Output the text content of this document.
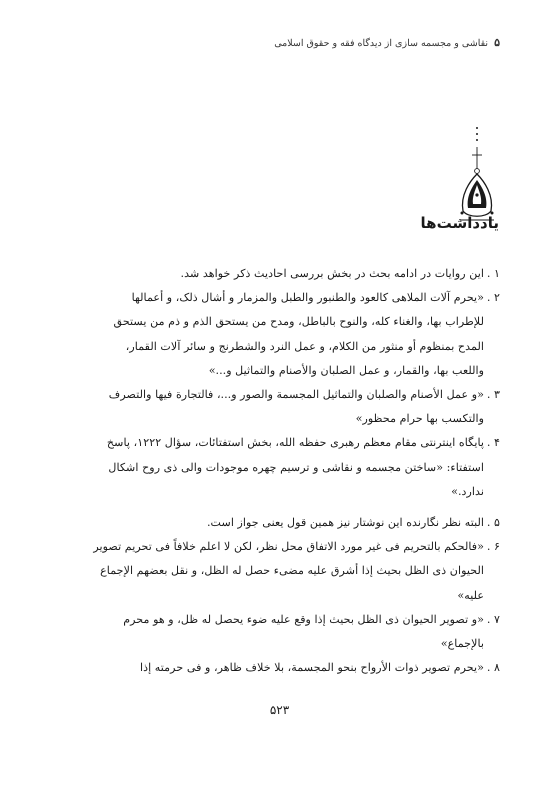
۵نقاشی و مجسمه سازی از دیدگاه فقه و حقوق اسلامی
یادداشت‌ها

۱ .
این روایات در ادامه بحث در بخش بررسی احادیث ذکر خواهد شد.

۲ .
«یحرم آلات الملاهی کالعود والطنبور والطبل والمزمار و أشال ذلک، و أعمالها للإطراب بها، والغناء کله، والنوح بالباطل، ومدح من یستحق الذم و ذم من یستحق المدح بمنظوم أو منثور من الکلام، و عمل النرد والشطرنج و سائر آلات القمار، واللعب بها، والقمار، و عمل الصلبان والأصنام والتماثیل و...»

۳ .
«و عمل الأصنام والصلبان والتماثیل المجسمة والصور و...، فالتجارة فیها والتصرف والتکسب بها حرام محظور»

۴ .
پایگاه اینترنتی مقام معظم رهبری حفظه الله، بخش استفتائات، سؤال ۱۲۲۲، پاسخ استفتاء: «ساختن مجسمه و نقاشی و ترسیم چهره موجودات والی ذی روح اشکال ندارد.»

۵ .
البته نظر نگارنده این نوشتار نیز همین قول یعنی جواز است.

۶ .
«فالحکم بالتحریم فی غیر مورد الاتفاق محل نظر، لکن لا اعلم خلافاً فی تحریم تصویر الحیوان ذی الظل بحیث إذا أشرق علیه مضیء حصل له الظل، و نقل بعضهم الإجماع علیه»

۷ .
«و تصویر الحیوان ذی الظل بحیث إذا وقع علیه ضوء یحصل له ظل، و هو محرم بالإجماع»

۸ .
«یحرم تصویر ذوات الأرواح بنحو المجسمة، بلا خلاف ظاهر، و فی حرمته إذا

۵۲۳
